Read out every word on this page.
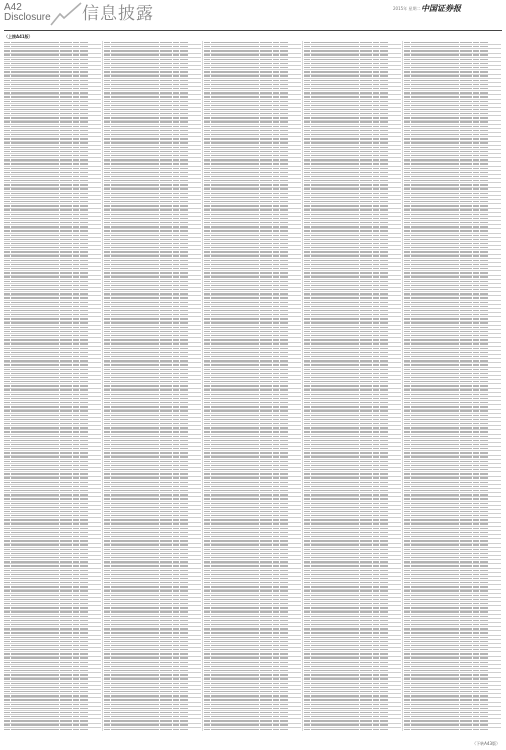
A42
Disclosure 信息披露	2015年 星期二 中国证券报
（上接A41版）
（下转A43版）
